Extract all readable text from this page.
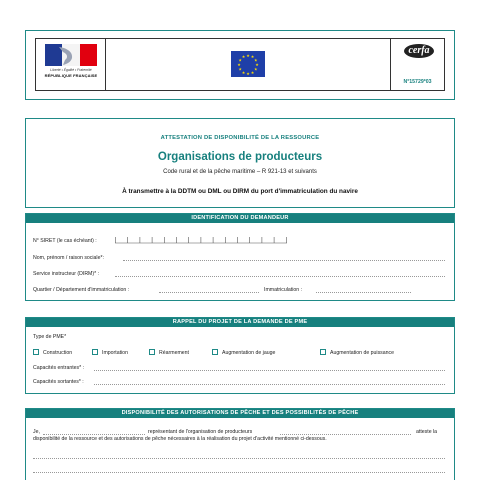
Liberté • Égalité • Fraternité
RÉPUBLIQUE FRANÇAISE
★ ★
★
★
★
★
★
★
★
★
★
★
cerfa
N°15729*03
ATTESTATION DE DISPONIBILITÉ DE LA RESSOURCE
Organisations de producteurs
Code rural et de la pêche maritime – R 921-13 et suivants
À transmettre à la DDTM ou DML ou DIRM du port d'immatriculation du navire
IDENTIFICATION DU DEMANDEUR
N° SIRET (le cas échéant) :
Nom, prénom / raison sociale*:
Service instructeur (DIRM)* :
Quartier / Département d'immatriculation :	Immatriculation :
RAPPEL DU PROJET DE LA DEMANDE DE PME
Type de PME*
Construction	Importation	Réarmement	Augmentation de jauge	Augmentation de puissance
Capacités entrantes* :
Capacités sortantes* :
DISPONIBILITÉ DES AUTORISATIONS DE PÊCHE ET DES POSSIBILITÉS DE PÊCHE
Je,	représentant de l'organisation de producteurs	atteste la
disponibilité de la ressource et des autorisations de pêche nécessaires à la réalisation du projet d'activité mentionné ci-dessous.
